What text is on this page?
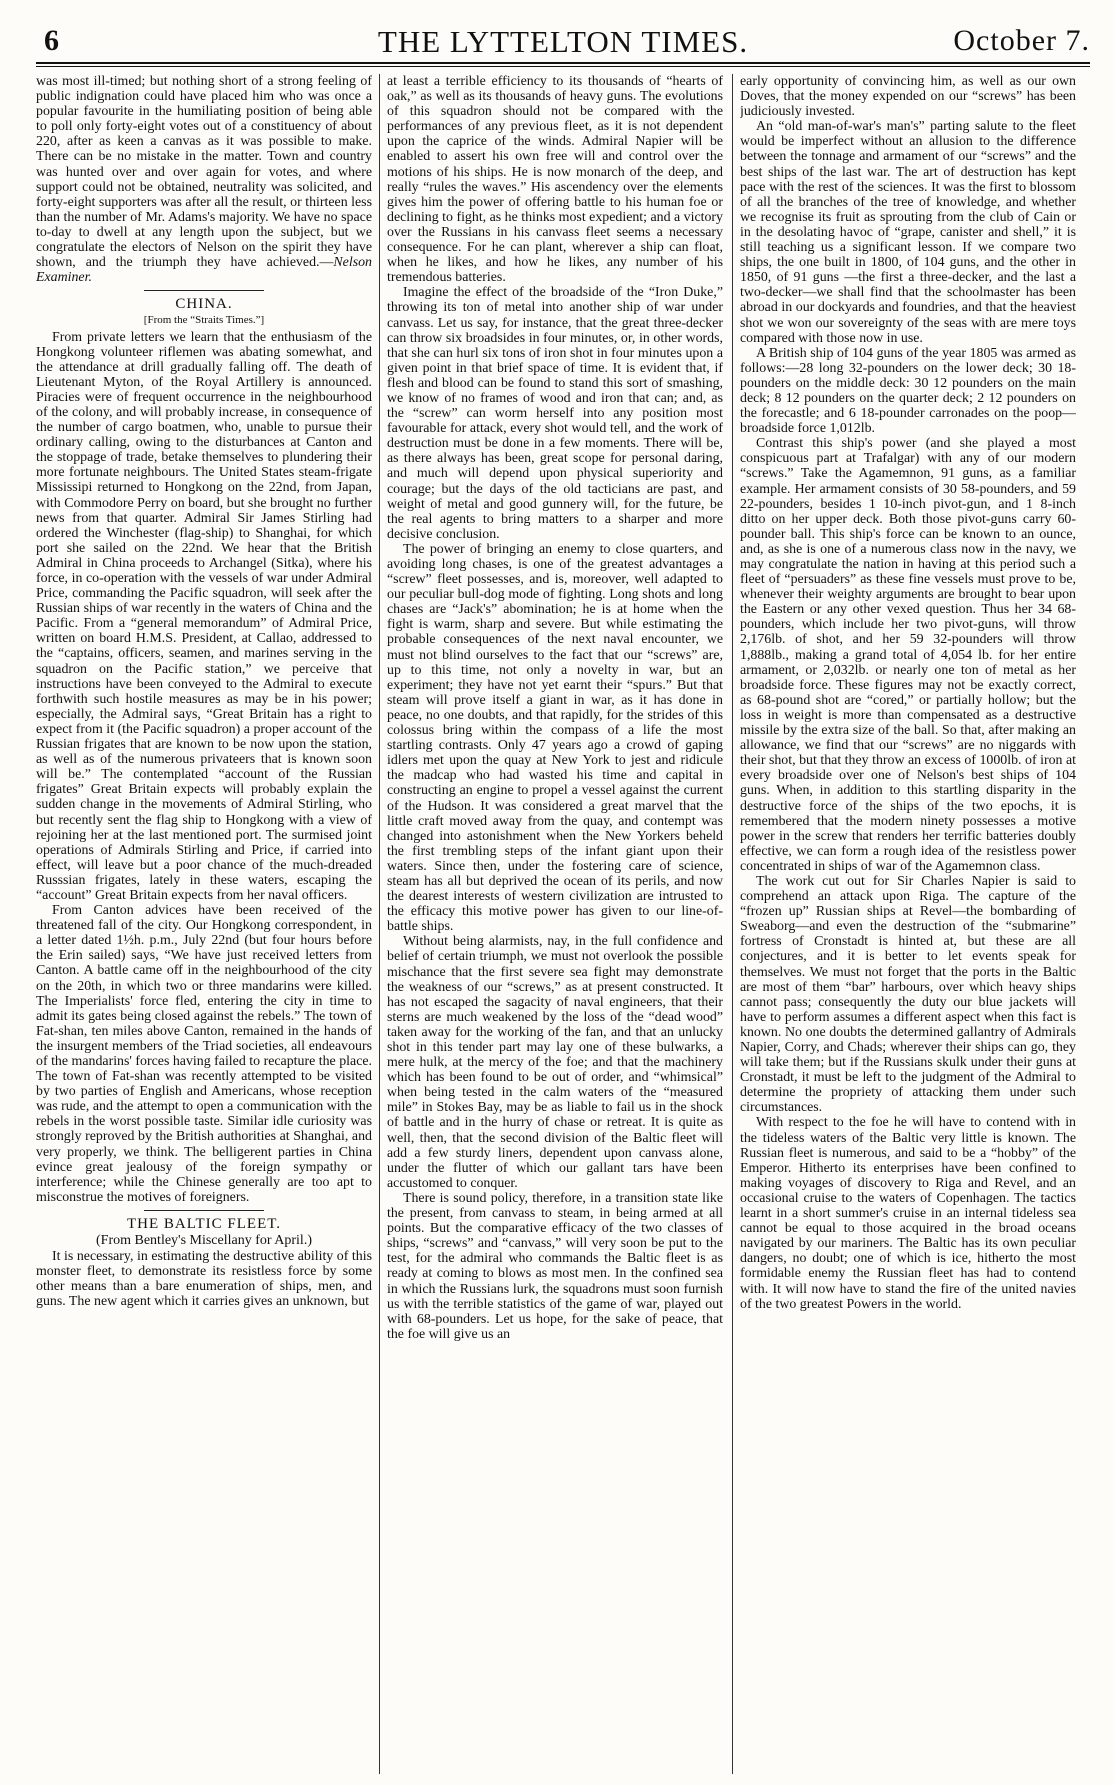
6	THE LYTTELTON TIMES.	October 7.

was most ill-timed; but nothing short of a strong feeling of public indignation could have placed him who was once a popular favourite in the humiliating position of being able to poll only forty-eight votes out of a constituency of about 220, after as keen a canvas as it was possible to make. There can be no mistake in the matter. Town and country was hunted over and over again for votes, and where support could not be obtained, neutrality was solicited, and forty-eight supporters was after all the result, or thirteen less than the number of Mr. Adams's majority. We have no space to-day to dwell at any length upon the subject, but we congratulate the electors of Nelson on the spirit they have shown, and the triumph they have achieved.—Nelson Examiner.

CHINA.
[From the “Straits Times.”]

From private letters we learn that the enthusiasm of the Hongkong volunteer riflemen was abating somewhat, and the attendance at drill gradually falling off. The death of Lieutenant Myton, of the Royal Artillery is announced. Piracies were of frequent occurrence in the neighbourhood of the colony, and will probably increase, in consequence of the number of cargo boatmen, who, unable to pursue their ordinary calling, owing to the disturbances at Canton and the stoppage of trade, betake themselves to plundering their more fortunate neighbours. The United States steam-frigate Mississipi returned to Hongkong on the 22nd, from Japan, with Commodore Perry on board, but she brought no further news from that quarter. Admiral Sir James Stirling had ordered the Winchester (flag-ship) to Shanghai, for which port she sailed on the 22nd. We hear that the British Admiral in China proceeds to Archangel (Sitka), where his force, in co-operation with the vessels of war under Admiral Price, commanding the Pacific squadron, will seek after the Russian ships of war recently in the waters of China and the Pacific. From a “general memorandum” of Admiral Price, written on board H.M.S. President, at Callao, addressed to the “captains, officers, seamen, and marines serving in the squadron on the Pacific station,” we perceive that instructions have been conveyed to the Admiral to execute forthwith such hostile measures as may be in his power; especially, the Admiral says, “Great Britain has a right to expect from it (the Pacific squadron) a proper account of the Russian frigates that are known to be now upon the station, as well as of the numerous privateers that is known soon will be.” The contemplated “account of the Russian frigates” Great Britain expects will probably explain the sudden change in the movements of Admiral Stirling, who but recently sent the flag ship to Hongkong with a view of rejoining her at the last mentioned port. The surmised joint operations of Admirals Stirling and Price, if carried into effect, will leave but a poor chance of the much-dreaded Russsian frigates, lately in these waters, escaping the “account” Great Britain expects from her naval officers.

From Canton advices have been received of the threatened fall of the city. Our Hongkong correspondent, in a letter dated 1½h. p.m., July 22nd (but four hours before the Erin sailed) says, “We have just received letters from Canton. A battle came off in the neighbourhood of the city on the 20th, in which two or three mandarins were killed. The Imperialists' force fled, entering the city in time to admit its gates being closed against the rebels.” The town of Fat-shan, ten miles above Canton, remained in the hands of the insurgent members of the Triad societies, all endeavours of the mandarins' forces having failed to recapture the place. The town of Fat-shan was recently attempted to be visited by two parties of English and Americans, whose reception was rude, and the attempt to open a communication with the rebels in the worst possible taste. Similar idle curiosity was strongly reproved by the British authorities at Shanghai, and very properly, we think. The belligerent parties in China evince great jealousy of the foreign sympathy or interference; while the Chinese generally are too apt to misconstrue the motives of foreigners.

THE BALTIC FLEET.
(From Bentley's Miscellany for April.)

It is necessary, in estimating the destructive ability of this monster fleet, to demonstrate its resistless force by some other means than a bare enumeration of ships, men, and guns. The new agent which it carries gives an unknown, but

at least a terrible efficiency to its thousands of “hearts of oak,” as well as its thousands of heavy guns. The evolutions of this squadron should not be compared with the performances of any previous fleet, as it is not dependent upon the caprice of the winds. Admiral Napier will be enabled to assert his own free will and control over the motions of his ships. He is now monarch of the deep, and really “rules the waves.” His ascendency over the elements gives him the power of offering battle to his human foe or declining to fight, as he thinks most expedient; and a victory over the Russians in his canvass fleet seems a necessary consequence. For he can plant, wherever a ship can float, when he likes, and how he likes, any number of his tremendous batteries.

Imagine the effect of the broadside of the “Iron Duke,” throwing its ton of metal into another ship of war under canvass. Let us say, for instance, that the great three-decker can throw six broadsides in four minutes, or, in other words, that she can hurl six tons of iron shot in four minutes upon a given point in that brief space of time. It is evident that, if flesh and blood can be found to stand this sort of smashing, we know of no frames of wood and iron that can; and, as the “screw” can worm herself into any position most favourable for attack, every shot would tell, and the work of destruction must be done in a few moments. There will be, as there always has been, great scope for personal daring, and much will depend upon physical superiority and courage; but the days of the old tacticians are past, and weight of metal and good gunnery will, for the future, be the real agents to bring matters to a sharper and more decisive conclusion.

The power of bringing an enemy to close quarters, and avoiding long chases, is one of the greatest advantages a “screw” fleet possesses, and is, moreover, well adapted to our peculiar bull-dog mode of fighting. Long shots and long chases are “Jack's” abomination; he is at home when the fight is warm, sharp and severe. But while estimating the probable consequences of the next naval encounter, we must not blind ourselves to the fact that our “screws” are, up to this time, not only a novelty in war, but an experiment; they have not yet earnt their “spurs.” But that steam will prove itself a giant in war, as it has done in peace, no one doubts, and that rapidly, for the strides of this colossus bring within the compass of a life the most startling contrasts. Only 47 years ago a crowd of gaping idlers met upon the quay at New York to jest and ridicule the madcap who had wasted his time and capital in constructing an engine to propel a vessel against the current of the Hudson. It was considered a great marvel that the little craft moved away from the quay, and contempt was changed into astonishment when the New Yorkers beheld the first trembling steps of the infant giant upon their waters. Since then, under the fostering care of science, steam has all but deprived the ocean of its perils, and now the dearest interests of western civilization are intrusted to the efficacy this motive power has given to our line-of-battle ships.

Without being alarmists, nay, in the full confidence and belief of certain triumph, we must not overlook the possible mischance that the first severe sea fight may demonstrate the weakness of our “screws,” as at present constructed. It has not escaped the sagacity of naval engineers, that their sterns are much weakened by the loss of the “dead wood” taken away for the working of the fan, and that an unlucky shot in this tender part may lay one of these bulwarks, a mere hulk, at the mercy of the foe; and that the machinery which has been found to be out of order, and “whimsical” when being tested in the calm waters of the “measured mile” in Stokes Bay, may be as liable to fail us in the shock of battle and in the hurry of chase or retreat. It is quite as well, then, that the second division of the Baltic fleet will add a few sturdy liners, dependent upon canvass alone, under the flutter of which our gallant tars have been accustomed to conquer.

There is sound policy, therefore, in a transition state like the present, from canvass to steam, in being armed at all points. But the comparative efficacy of the two classes of ships, “screws” and “canvass,” will very soon be put to the test, for the admiral who commands the Baltic fleet is as ready at coming to blows as most men. In the confined sea in which the Russians lurk, the squadrons must soon furnish us with the terrible statistics of the game of war, played out with 68-pounders. Let us hope, for the sake of peace, that the foe will give us an

early opportunity of convincing him, as well as our own Doves, that the money expended on our “screws” has been judiciously invested.

An “old man-of-war's man's” parting salute to the fleet would be imperfect without an allusion to the difference between the tonnage and armament of our “screws” and the best ships of the last war. The art of destruction has kept pace with the rest of the sciences. It was the first to blossom of all the branches of the tree of knowledge, and whether we recognise its fruit as sprouting from the club of Cain or in the desolating havoc of “grape, canister and shell,” it is still teaching us a significant lesson. If we compare two ships, the one built in 1800, of 104 guns, and the other in 1850, of 91 guns —the first a three-decker, and the last a two-decker—we shall find that the schoolmaster has been abroad in our dockyards and foundries, and that the heaviest shot we won our sovereignty of the seas with are mere toys compared with those now in use.

A British ship of 104 guns of the year 1805 was armed as follows:—28 long 32-pounders on the lower deck; 30 18-pounders on the middle deck: 30 12 pounders on the main deck; 8 12 pounders on the quarter deck; 2 12 pounders on the forecastle; and 6 18-pounder carronades on the poop—broadside force 1,012lb.

Contrast this ship's power (and she played a most conspicuous part at Trafalgar) with any of our modern “screws.” Take the Agamemnon, 91 guns, as a familiar example. Her armament consists of 30 58-pounders, and 59 22-pounders, besides 1 10-inch pivot-gun, and 1 8-inch ditto on her upper deck. Both those pivot-guns carry 60-pounder ball. This ship's force can be known to an ounce, and, as she is one of a numerous class now in the navy, we may congratulate the nation in having at this period such a fleet of “persuaders” as these fine vessels must prove to be, whenever their weighty arguments are brought to bear upon the Eastern or any other vexed question. Thus her 34 68-pounders, which include her two pivot-guns, will throw 2,176lb. of shot, and her 59 32-pounders will throw 1,888lb., making a grand total of 4,054 lb. for her entire armament, or 2,032lb. or nearly one ton of metal as her broadside force. These figures may not be exactly correct, as 68-pound shot are “cored,” or partially hollow; but the loss in weight is more than compensated as a destructive missile by the extra size of the ball. So that, after making an allowance, we find that our “screws” are no niggards with their shot, but that they throw an excess of 1000lb. of iron at every broadside over one of Nelson's best ships of 104 guns. When, in addition to this startling disparity in the destructive force of the ships of the two epochs, it is remembered that the modern ninety possesses a motive power in the screw that renders her terrific batteries doubly effective, we can form a rough idea of the resistless power concentrated in ships of war of the Agamemnon class.

The work cut out for Sir Charles Napier is said to comprehend an attack upon Riga. The capture of the “frozen up” Russian ships at Revel—the bombarding of Sweaborg—and even the destruction of the “submarine” fortress of Cronstadt is hinted at, but these are all conjectures, and it is better to let events speak for themselves. We must not forget that the ports in the Baltic are most of them “bar” harbours, over which heavy ships cannot pass; consequently the duty our blue jackets will have to perform assumes a different aspect when this fact is known. No one doubts the determined gallantry of Admirals Napier, Corry, and Chads; wherever their ships can go, they will take them; but if the Russians skulk under their guns at Cronstadt, it must be left to the judgment of the Admiral to determine the propriety of attacking them under such circumstances.

With respect to the foe he will have to contend with in the tideless waters of the Baltic very little is known. The Russian fleet is numerous, and said to be a “hobby” of the Emperor. Hitherto its enterprises have been confined to making voyages of discovery to Riga and Revel, and an occasional cruise to the waters of Copenhagen. The tactics learnt in a short summer's cruise in an internal tideless sea cannot be equal to those acquired in the broad oceans navigated by our mariners. The Baltic has its own peculiar dangers, no doubt; one of which is ice, hitherto the most formidable enemy the Russian fleet has had to contend with. It will now have to stand the fire of the united navies of the two greatest Powers in the world.
